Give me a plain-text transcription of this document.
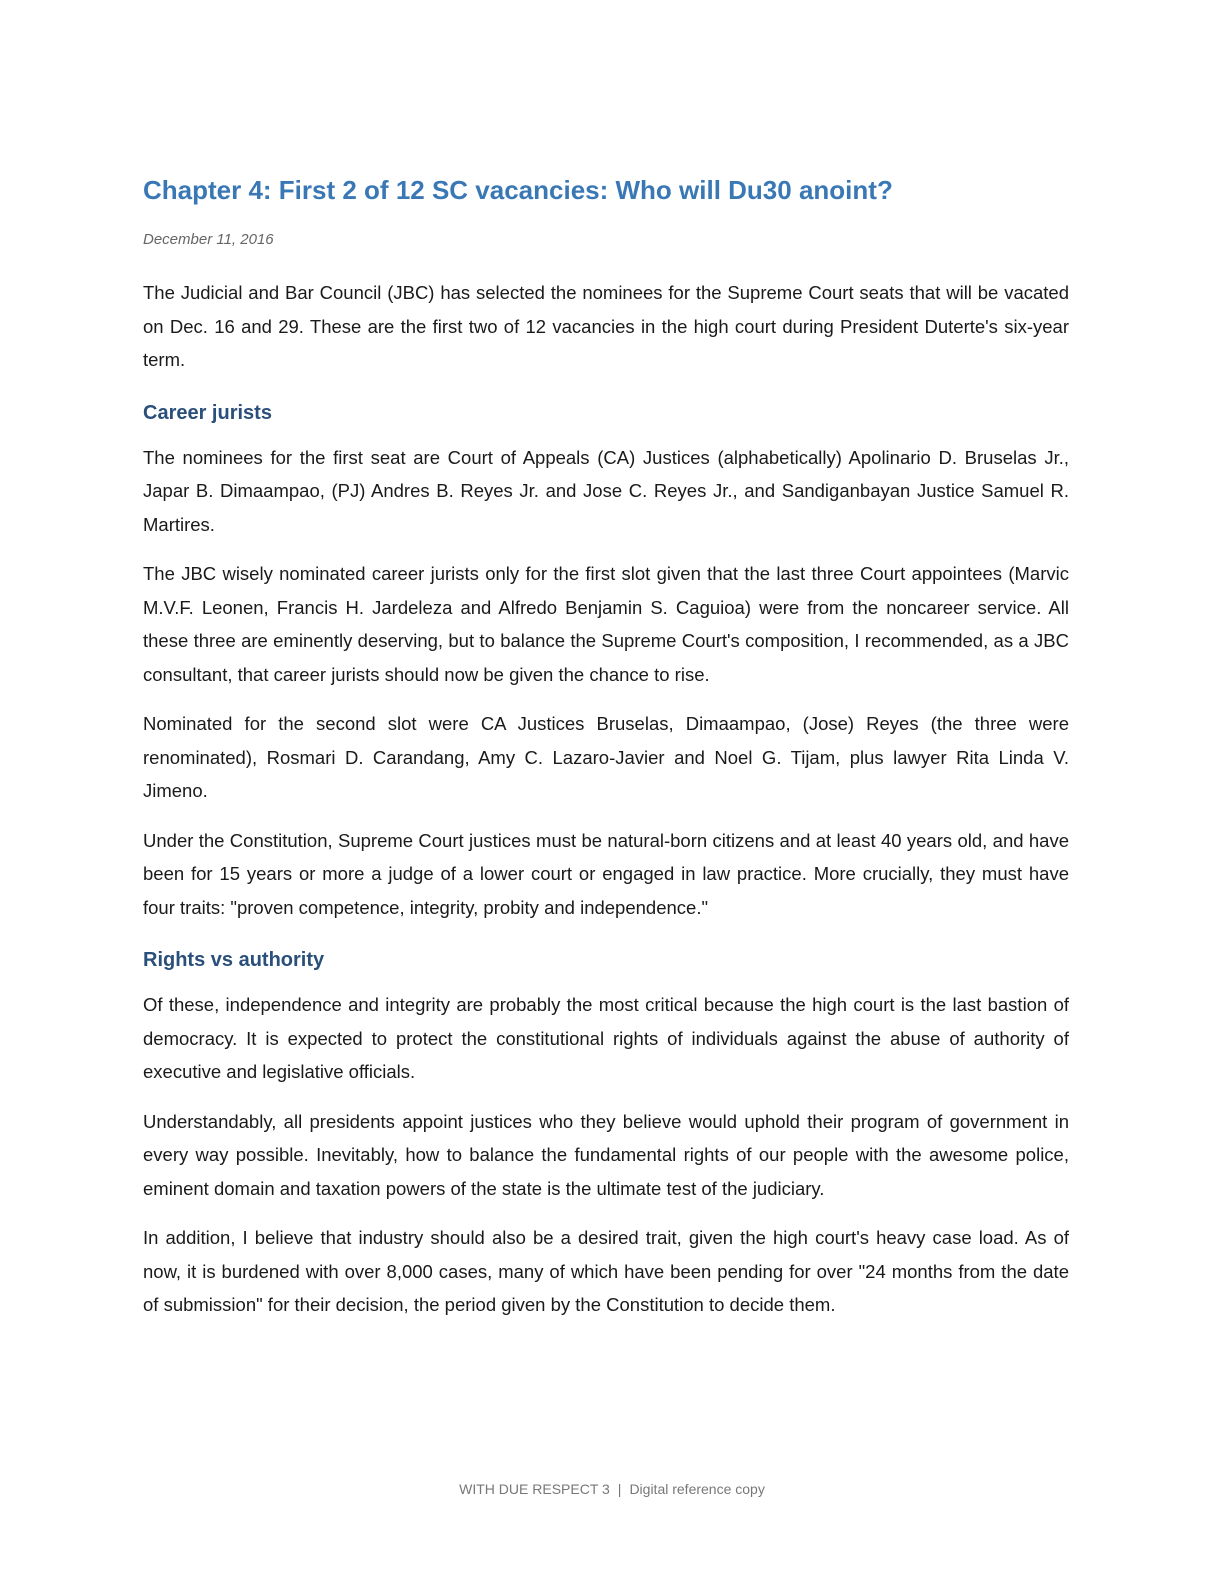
Chapter 4: First 2 of 12 SC vacancies: Who will Du30 anoint?
December 11, 2016

The Judicial and Bar Council (JBC) has selected the nominees for the Supreme Court seats that will be vacated on Dec. 16 and 29. These are the first two of 12 vacancies in the high court during President Duterte's six-year term.

Career jurists

The nominees for the first seat are Court of Appeals (CA) Justices (alphabetically) Apolinario D. Bruselas Jr., Japar B. Dimaampao, (PJ) Andres B. Reyes Jr. and Jose C. Reyes Jr., and Sandiganbayan Justice Samuel R. Martires.

The JBC wisely nominated career jurists only for the first slot given that the last three Court appointees (Marvic M.V.F. Leonen, Francis H. Jardeleza and Alfredo Benjamin S. Caguioa) were from the noncareer service. All these three are eminently deserving, but to balance the Supreme Court's composition, I recommended, as a JBC consultant, that career jurists should now be given the chance to rise.

Nominated for the second slot were CA Justices Bruselas, Dimaampao, (Jose) Reyes (the three were renominated), Rosmari D. Carandang, Amy C. Lazaro-Javier and Noel G. Tijam, plus lawyer Rita Linda V. Jimeno.

Under the Constitution, Supreme Court justices must be natural-born citizens and at least 40 years old, and have been for 15 years or more a judge of a lower court or engaged in law practice. More crucially, they must have four traits: "proven competence, integrity, probity and independence."

Rights vs authority

Of these, independence and integrity are probably the most critical because the high court is the last bastion of democracy. It is expected to protect the constitutional rights of individuals against the abuse of authority of executive and legislative officials.

Understandably, all presidents appoint justices who they believe would uphold their program of government in every way possible. Inevitably, how to balance the fundamental rights of our people with the awesome police, eminent domain and taxation powers of the state is the ultimate test of the judiciary.

In addition, I believe that industry should also be a desired trait, given the high court's heavy case load. As of now, it is burdened with over 8,000 cases, many of which have been pending for over "24 months from the date of submission" for their decision, the period given by the Constitution to decide them.

WITH DUE RESPECT 3 | Digital reference copy
